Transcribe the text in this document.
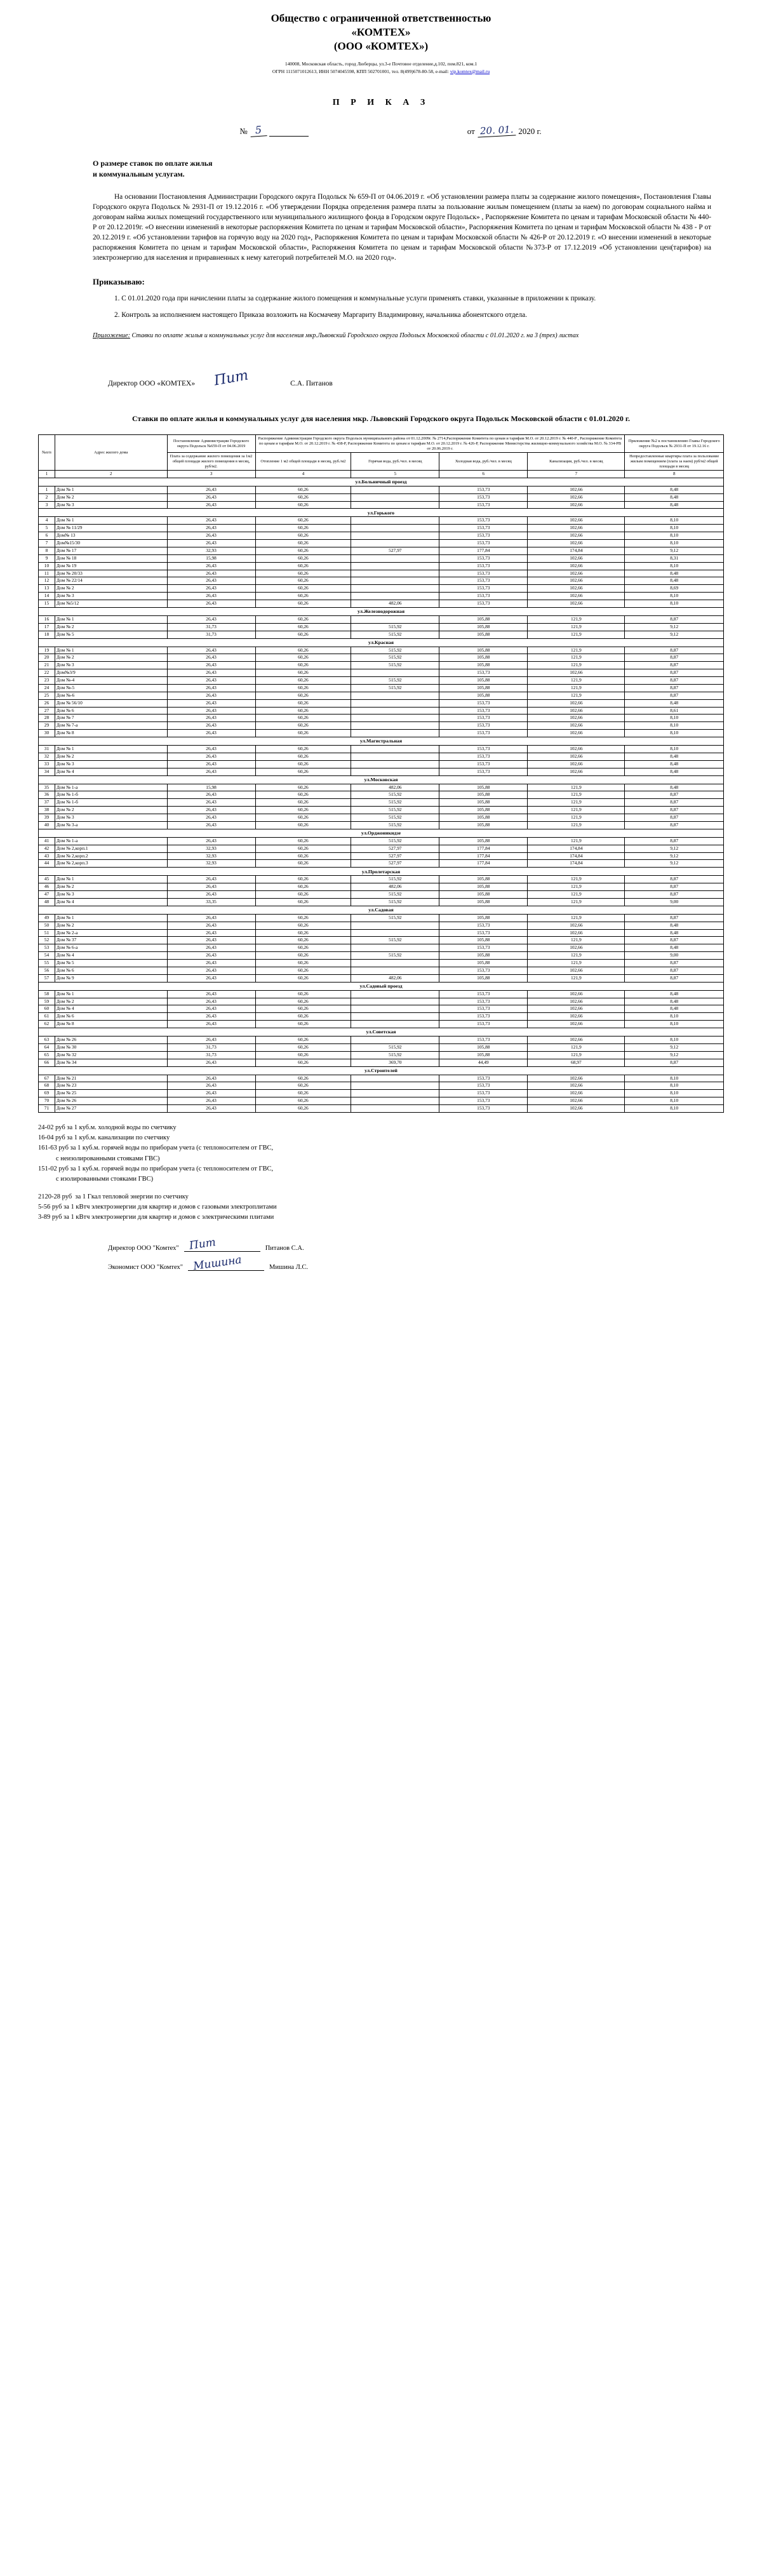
Общество с ограниченной ответственностью
«КОМТЕХ»
(ООО «КОМТЕХ»)
140008, Московская область, город Люберцы, ул.3-е Почтовое отделение,д.102, пом.821, ком.1
ОГРН 1115071012613, ИНН 5074045598, КПП 502701001, тел. 8(499)678-80-58, e-mail: vip.komtex@mail.ru
П Р И К А З
№ 5	от 20. 01. 2020 г.
О размере ставок по оплате жилья
и коммунальным услугам.
На основании Постановления Администрации Городского округа Подольск № 659-П от 04.06.2019 г. «Об установлении размера платы за содержание жилого помещения», Постановления Главы Городского округа Подольск № 2931-П от 19.12.2016 г. «Об утверждении Порядка определения размера платы за пользование жилым помещением (платы за наем) по договорам социального найма и договорам найма жилых помещений государственного или муниципального жилищного фонда в Городском округе Подольск» , Распоряжение Комитета по ценам и тарифам Московской области № 440-Р от 20.12.2019г. «О внесении изменений в некоторые распоряжения Комитета по ценам и тарифам Московской области», Распоряжения Комитета по ценам и тарифам Московской области № 438 - Р от 20.12.2019 г. «Об установлении тарифов на горячую воду на 2020 год», Распоряжения Комитета по ценам и тарифам Московской области № 426-Р от 20.12.2019 г. «О внесении изменений в некоторые распоряжения Комитета по ценам и тарифам Московской области», Распоряжения Комитета по ценам и тарифам Московской области №373-Р от 17.12.2019 «Об установлении цен(тарифов) на электроэнергию для населения и приравненных к нему категорий потребителей М.О. на 2020 год».
Приказываю:
1. С 01.01.2020 года при начислении платы за содержание жилого помещения и коммунальные услуги применять ставки, указанные в приложении к приказу.
2. Контроль за исполнением настоящего Приказа возложить на Космачеву Маргариту Владимировну, начальника абонентского отдела.
Приложение: Ставки по оплате жилья и коммунальных услуг для населения мкр.Львовский Городского округа Подольск Московской области с 01.01.2020 г. на 3 (трех) листах
Директор ООО «КОМТЕХ» Пит	С.А. Питанов
Ставки по оплате жилья и коммунальных услуг для населения мкр. Львовский Городского округа Подольск Московской области с 01.01.2020 г.
№п/п	Адрес жилого дома	Постановление Администрации Городского округа Подольск №659-П от 04.06.2019	Распоряжение Администрации Городского округа Подольск муниципального района от 01.12.2009г. № 2714,Распоряжение Комитета по ценам и тарифам М.О. от 20.12.2019 г. № 440-Р , Распоряжение Комитета по ценам и тарифам М.О. от 20.12.2019 г. № 438-Р, Распоряжение Комитета по ценам и тарифам М.О. от 20.12.2019 г. № 426-Р, Распоряжение Министерства жилищно-коммунального хозяйства М.О. № 334-РВ от 20.06.2019 г.				Приложение №2 к постановлению Главы Городского округа Подольск № 2931-П от 19.12.16 г.
		Плата за содержание жилого помещения за 1м2 общей площади жилого помещения в месяц, руб/м2.	Отопление 1 м2 общей площади в месяц, руб./м2	Горячая вода, руб./чел. в месяц	Холодная вода, руб./чел. в месяц	Канализация, руб./чел. в месяц	Непредоставленные квартиры плата за пользование жилым помещением (плата за наем) руб/м2 общей площади в месяц
1	2	3	4	5	6	7	8
ул.Больничный проезд							
1	Дом № 1	26,43	60,26		153,73	102,66	8,48
2	Дом № 2	26,43	60,26		153,73	102,66	8,48
3	Дом № 3	26,43	60,26		153,73	102,66	8,48
ул.Горького							
4	Дом № 1	26,43	60,26		153,73	102,66	8,10
5	Дом № 11/29	26,43	60,26		153,73	102,66	8,10
6	Дом№ 13	26,43	60,26		153,73	102,66	8,10
7	Дом№15/30	26,43	60,26		153,73	102,66	8,10
8	Дом № 17	32,93	60,26	527,97	177,84	174,84	9,12
9	Дом № 18	15,98	60,26		153,73	102,66	8,31
10	Дом № 19	26,43	60,26		153,73	102,66	8,10
11	Дом № 20/33	26,43	60,26		153,73	102,66	8,48
12	Дом № 22/14	26,43	60,26		153,73	102,66	8,48
13	Дом № 2	26,43	60,26		153,73	102,66	8,69
14	Дом № 3	26,43	60,26		153,73	102,66	8,10
15	Дом №5/12	26,43	60,26	482,06	153,73	102,66	8,10
ул.Железнодорожная							
16	Дом № 1	26,43	60,26		105,88	121,9	8,87
17	Дом № 2	31,73	60,26	515,92	105,88	121,9	9,12
18	Дом № 5	31,73	60,26	515,92	105,88	121,9	9,12
ул.Красная							
19	Дом № 1	26,43	60,26	515,92	105,88	121,9	8,87
20	Дом № 2	26,43	60,26	515,92	105,88	121,9	8,87
21	Дом № 3	26,43	60,26	515,92	105,88	121,9	8,87
22	Дом№3/9	26,43	60,26		153,73	102,66	8,87
23	Дом №-4	26,43	60,26	515,92	105,88	121,9	8,87
24	Дом №-5	26,43	60,26	515,92	105,88	121,9	8,87
25	Дом №-6	26,43	60,26		105,88	121,9	8,87
26	Дом № 56/10	26,43	60,26		153,73	102,66	8,48
27	Дом № 6	26,43	60,26		153,73	102,66	8,61
28	Дом № 7	26,43	60,26		153,73	102,66	8,10
29	Дом № 7-а	26,43	60,26		153,73	102,66	8,10
30	Дом № 8	26,43	60,26		153,73	102,66	8,10
ул.Магистральная							
31	Дом № 1	26,43	60,26		153,73	102,66	8,10
32	Дом № 2	26,43	60,26		153,73	102,66	8,48
33	Дом № 3	26,43	60,26		153,73	102,66	8,48
34	Дом № 4	26,43	60,26		153,73	102,66	8,48
ул.Московская							
35	Дом № 1-а	15,98	60,26	482,06	105,88	121,9	8,48
36	Дом № 1-б	26,43	60,26	515,92	105,88	121,9	8,87
37	Дом № 1-б	26,43	60,26	515,92	105,88	121,9	8,87
38	Дом № 2	26,43	60,26	515,92	105,88	121,9	8,87
39	Дом № 3	26,43	60,26	515,92	105,88	121,9	8,87
40	Дом № 3-а	26,43	60,26	515,92	105,88	121,9	8,87
ул.Орджоникидзе							
41	Дом № 1-а	26,43	60,26	515,92	105,88	121,9	8,87
42	Дом № 2,корп.1	32,93	60,26	527,97	177,84	174,84	9,12
43	Дом № 2,корп.2	32,93	60,26	527,97	177,84	174,84	9,12
44	Дом № 2,корп.3	32,93	60,26	527,97	177,84	174,84	9,12
ул.Пролетарская							
45	Дом № 1	26,43	60,26	515,92	105,88	121,9	8,87
46	Дом № 2	26,43	60,26	482,06	105,88	121,9	8,87
47	Дом № 3	26,43	60,26	515,92	105,88	121,9	8,87
48	Дом № 4	33,35	60,26	515,92	105,88	121,9	9,00
ул.Садовая							
49	Дом № 1	26,43	60,26	515,92	105,88	121,9	8,87
50	Дом № 2	26,43	60,26		153,73	102,66	8,48
51	Дом № 2-а	26,43	60,26		153,73	102,66	8,48
52	Дом № 37	26,43	60,26	515,92	105,88	121,9	8,87
53	Дом № 6-а	26,43	60,26		153,73	102,66	8,48
54	Дом № 4	26,43	60,26	515,92	105,88	121,9	9,00
55	Дом № 5	26,43	60,26		105,88	121,9	8,87
56	Дом № 6	26,43	60,26		153,73	102,66	8,87
57	Дом № 9	26,43	60,26	482,06	105,88	121,9	8,87
ул.Садовый проезд							
58	Дом № 1	26,43	60,26		153,73	102,66	8,48
59	Дом № 2	26,43	60,26		153,73	102,66	8,48
60	Дом № 4	26,43	60,26		153,73	102,66	8,48
61	Дом № 6	26,43	60,26		153,73	102,66	8,10
62	Дом № 8	26,43	60,26		153,73	102,66	8,10
ул.Советская							
63	Дом № 26	26,43	60,26		153,73	102,66	8,10
64	Дом № 30	31,73	60,26	515,92	105,88	121,9	9,12
65	Дом № 32	31,73	60,26	515,92	105,88	121,9	9,12
66	Дом № 34	26,43	60,26	369,70	44,49	68,97	8,87
ул.Строителей							
67	Дом № 21	26,43	60,26		153,73	102,66	8,10
68	Дом № 23	26,43	60,26		153,73	102,66	8,10
69	Дом № 25	26,43	60,26		153,73	102,66	8,10
70	Дом № 26	26,43	60,26		153,73	102,66	8,10
71	Дом № 27	26,43	60,26		153,73	102,66	8,10
24-02 руб за 1 куб.м. холодной воды по счетчику
16-04 руб за 1 куб.м. канализации по счетчику
161-63 руб за 1 куб.м. горячей воды по приборам учета (с теплоносителем от ГВС,
с неизолированными стояками ГВС)
151-02 руб за 1 куб.м. горячей воды по приборам учета (с теплоносителем от ГВС,
с изолированными стояками ГВС)
2120-28 руб  за 1 Гкал тепловой энергии по счетчику
5-56 руб за 1 кВтч электроэнергии для квартир и домов с газовыми электроплитами
3-89 руб за 1 кВтч электроэнергии для квартир и домов с электрическими плитами
Директор ООО "Комтех" Пит	Питанов С.А.
Экономист ООО "Комтех" Мишина	Мишина Л.С.
